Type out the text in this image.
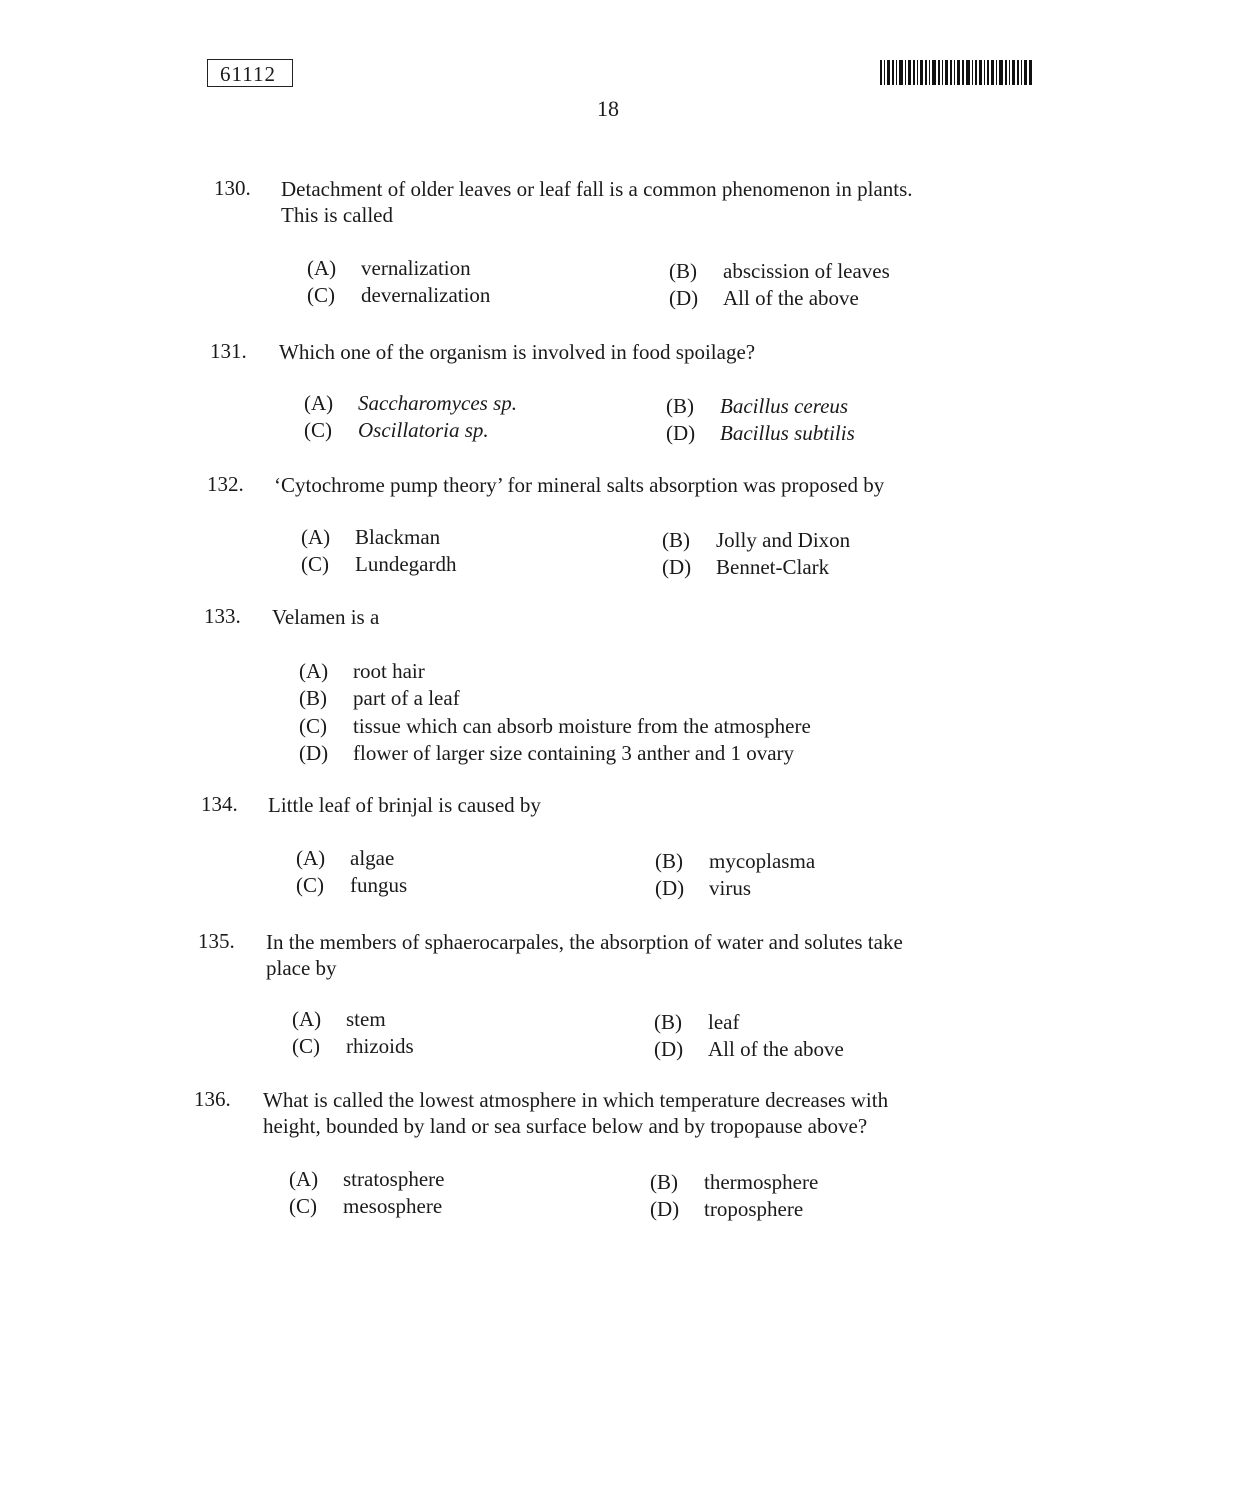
61112
18
130. Detachment of older leaves or leaf fall is a common phenomenon in plants.
This is called
(A) vernalization	(B) abscission of leaves
(C) devernalization	(D) All of the above
131. Which one of the organism is involved in food spoilage?
(A) Saccharomyces sp.	(B) Bacillus cereus
(C) Oscillatoria sp.	(D) Bacillus subtilis
132. ‘Cytochrome pump theory’ for mineral salts absorption was proposed by
(A) Blackman	(B) Jolly and Dixon
(C) Lundegardh	(D) Bennet-Clark
133. Velamen is a
(A) root hair
(B) part of a leaf
(C) tissue which can absorb moisture from the atmosphere
(D) flower of larger size containing 3 anther and 1 ovary
134. Little leaf of brinjal is caused by
(A) algae	(B) mycoplasma
(C) fungus	(D) virus
135. In the members of sphaerocarpales, the absorption of water and solutes take
place by
(A) stem	(B) leaf
(C) rhizoids	(D) All of the above
136. What is called the lowest atmosphere in which temperature decreases with
height, bounded by land or sea surface below and by tropopause above?
(A) stratosphere	(B) thermosphere
(C) mesosphere	(D) troposphere
